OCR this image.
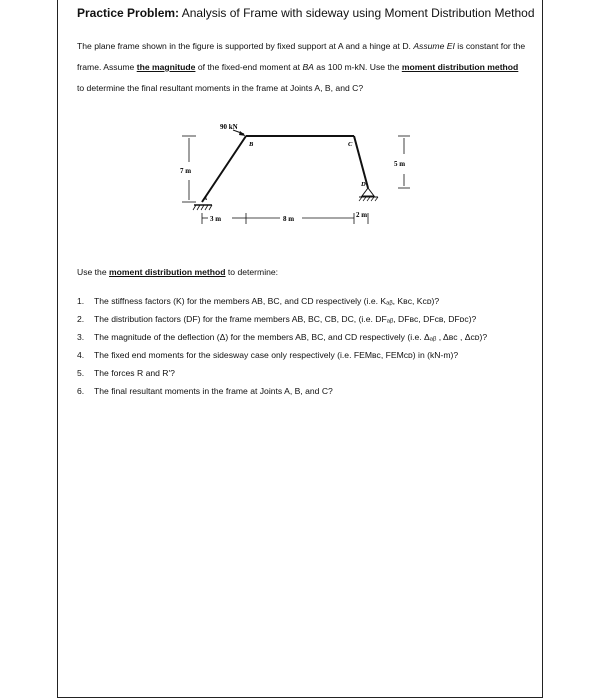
Practice Problem: Analysis of Frame with sideway using Moment Distribution Method
The plane frame shown in the figure is supported by fixed support at A and a hinge at D. Assume EI is constant for the frame. Assume the magnitude of the fixed-end moment at BA as 100 m-kN. Use the moment distribution method to determine the final resultant moments in the frame at Joints A, B, and C?
7 m
5 m
3 m	8 m	2 m
90 kN
A
B	C
D
Use the moment distribution method to determine:
1. The stiffness factors (K) for the members AB, BC, and CD respectively (i.e. Kₐᵦ, Kʙᴄ, Kᴄᴅ)?
2. The distribution factors (DF) for the frame members AB, BC, CB, DC, (i.e. DFₐᵦ, DFʙᴄ, DFᴄʙ, DFᴅᴄ)?
3. The magnitude of the deflection (Δ) for the members AB, BC, and CD respectively (i.e. Δₐᵦ , Δʙᴄ , Δᴄᴅ)?
4. The fixed end moments for the sidesway case only respectively (i.e. FEMʙᴄ, FEMᴄᴅ) in (kN-m)?
5. The forces R and R'?
6. The final resultant moments in the frame at Joints A, B, and C?
